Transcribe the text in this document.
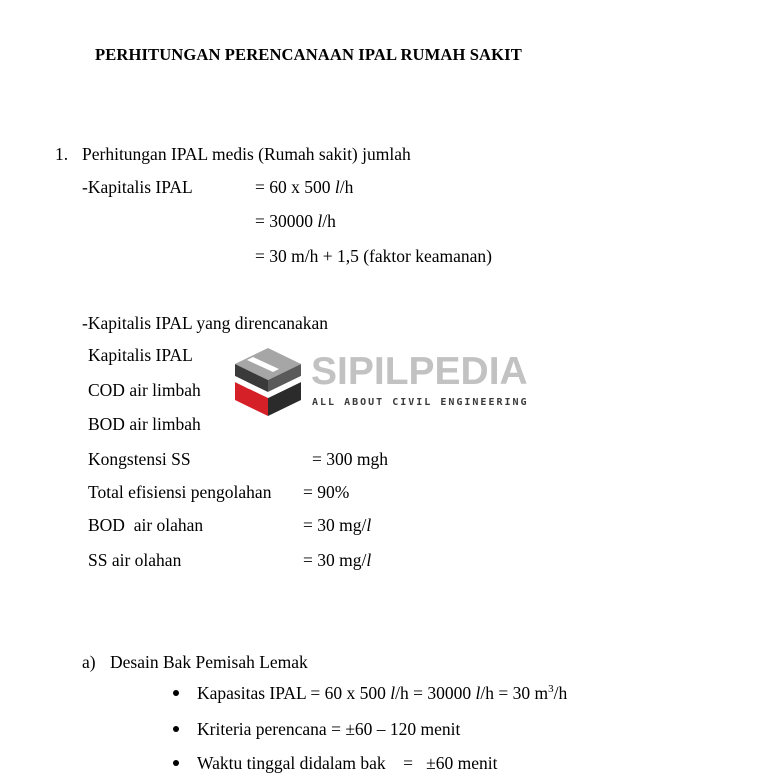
PERHITUNGAN PERENCANAAN IPAL RUMAH SAKIT
1. Perhitungan IPAL medis (Rumah sakit) jumlah
-Kapitalis IPAL	= 60 x 500 l/h
= 30000 l/h
= 30 m/h + 1,5 (faktor keamanan)
-Kapitalis IPAL yang direncanakan
Kapitalis IPAL
COD air limbah
BOD air limbah
Kongstensi SS	= 300 mgh
Total efisiensi pengolahan = 90%
BOD  air olahan	= 30 mg/l
SS air olahan	= 30 mg/l
a) Desain Bak Pemisah Lemak
Kapasitas IPAL = 60 x 500 l/h = 30000 l/h = 30 $m^3/h$
Kriteria perencana = ±60 – 120 menit
Waktu tinggal didalam bak    =   ±60 menit
SIPILPEDIA
ALL ABOUT CIVIL ENGINEERING
